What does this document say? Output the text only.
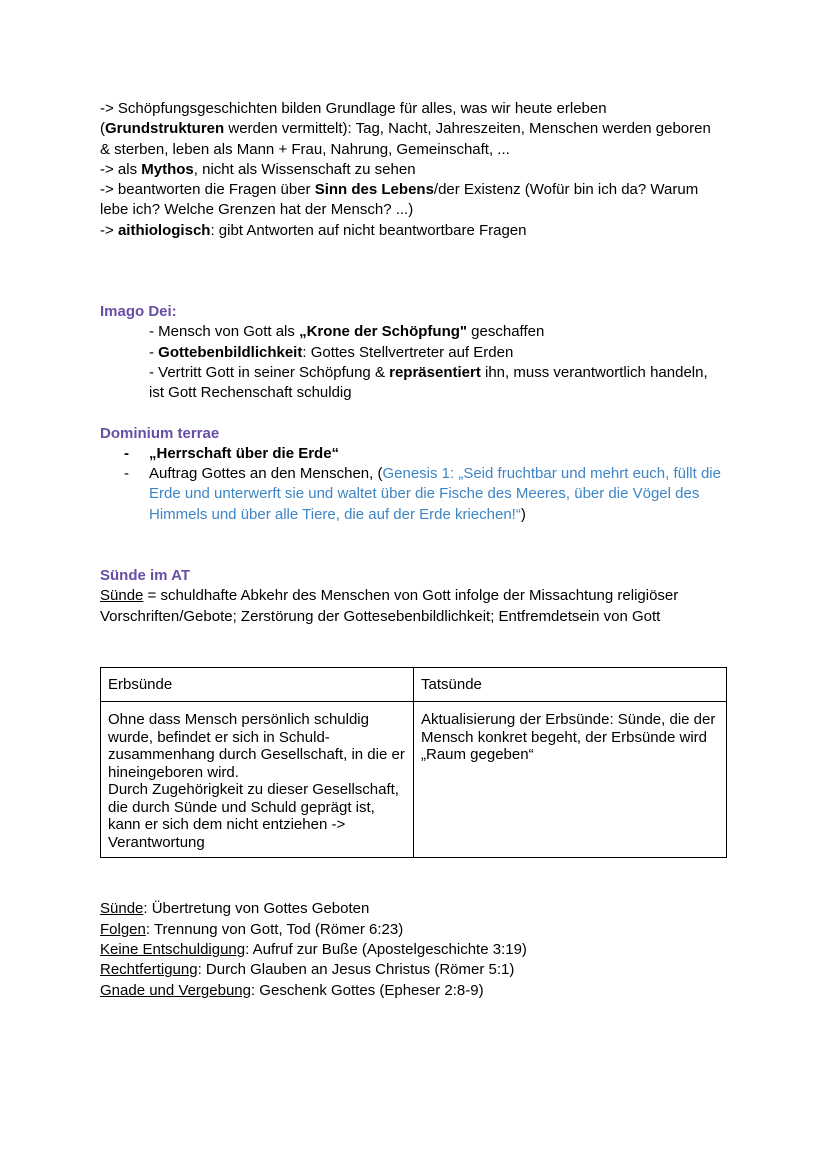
-> Schöpfungsgeschichten bilden Grundlage für alles, was wir heute erleben

(Grundstrukturen werden vermittelt): Tag, Nacht, Jahreszeiten, Menschen werden geboren

& sterben, leben als Mann + Frau, Nahrung, Gemeinschaft, ...

-> als Mythos, nicht als Wissenschaft zu sehen

-> beantworten die Fragen über Sinn des Lebens/der Existenz (Wofür bin ich da? Warum

lebe ich? Welche Grenzen hat der Mensch? ...)

-> aithiologisch: gibt Antworten auf nicht beantwortbare Fragen

Imago Dei:

- Mensch von Gott als „Krone der Schöpfung" geschaffen

- Gottebenbildlichkeit: Gottes Stellvertreter auf Erden

- Vertritt Gott in seiner Schöpfung & repräsentiert ihn, muss verantwortlich handeln,

ist Gott Rechenschaft schuldig

Dominium terrae

- „Herrschaft über die Erde“
- Auftrag Gottes an den Menschen, (Genesis 1: „Seid fruchtbar und mehrt euch, füllt die Erde und unterwerft sie und waltet über die Fische des Meeres, über die Vögel des Himmels und über alle Tiere, die auf der Erde kriechen!“)

Sünde im AT

Sünde = schuldhafte Abkehr des Menschen von Gott infolge der Missachtung religiöser

Vorschriften/Gebote; Zerstörung der Gottesebenbildlichkeit; Entfremdetsein von Gott

Erbsünde	Tatsünde

Ohne dass Mensch persönlich schuldig wurde, befindet er sich in Schuld-zusammenhang durch Gesellschaft, in die er hineingeboren wird.
Durch Zugehörigkeit zu dieser Gesellschaft, die durch Sünde und Schuld geprägt ist, kann er sich dem nicht entziehen -> Verantwortung	Aktualisierung der Erbsünde: Sünde, die der Mensch konkret begeht, der Erbsünde wird „Raum gegeben“

Sünde: Übertretung von Gottes Geboten

Folgen: Trennung von Gott, Tod (Römer 6:23)

Keine Entschuldigung: Aufruf zur Buße (Apostelgeschichte 3:19)

Rechtfertigung: Durch Glauben an Jesus Christus (Römer 5:1)

Gnade und Vergebung: Geschenk Gottes (Epheser 2:8-9)
